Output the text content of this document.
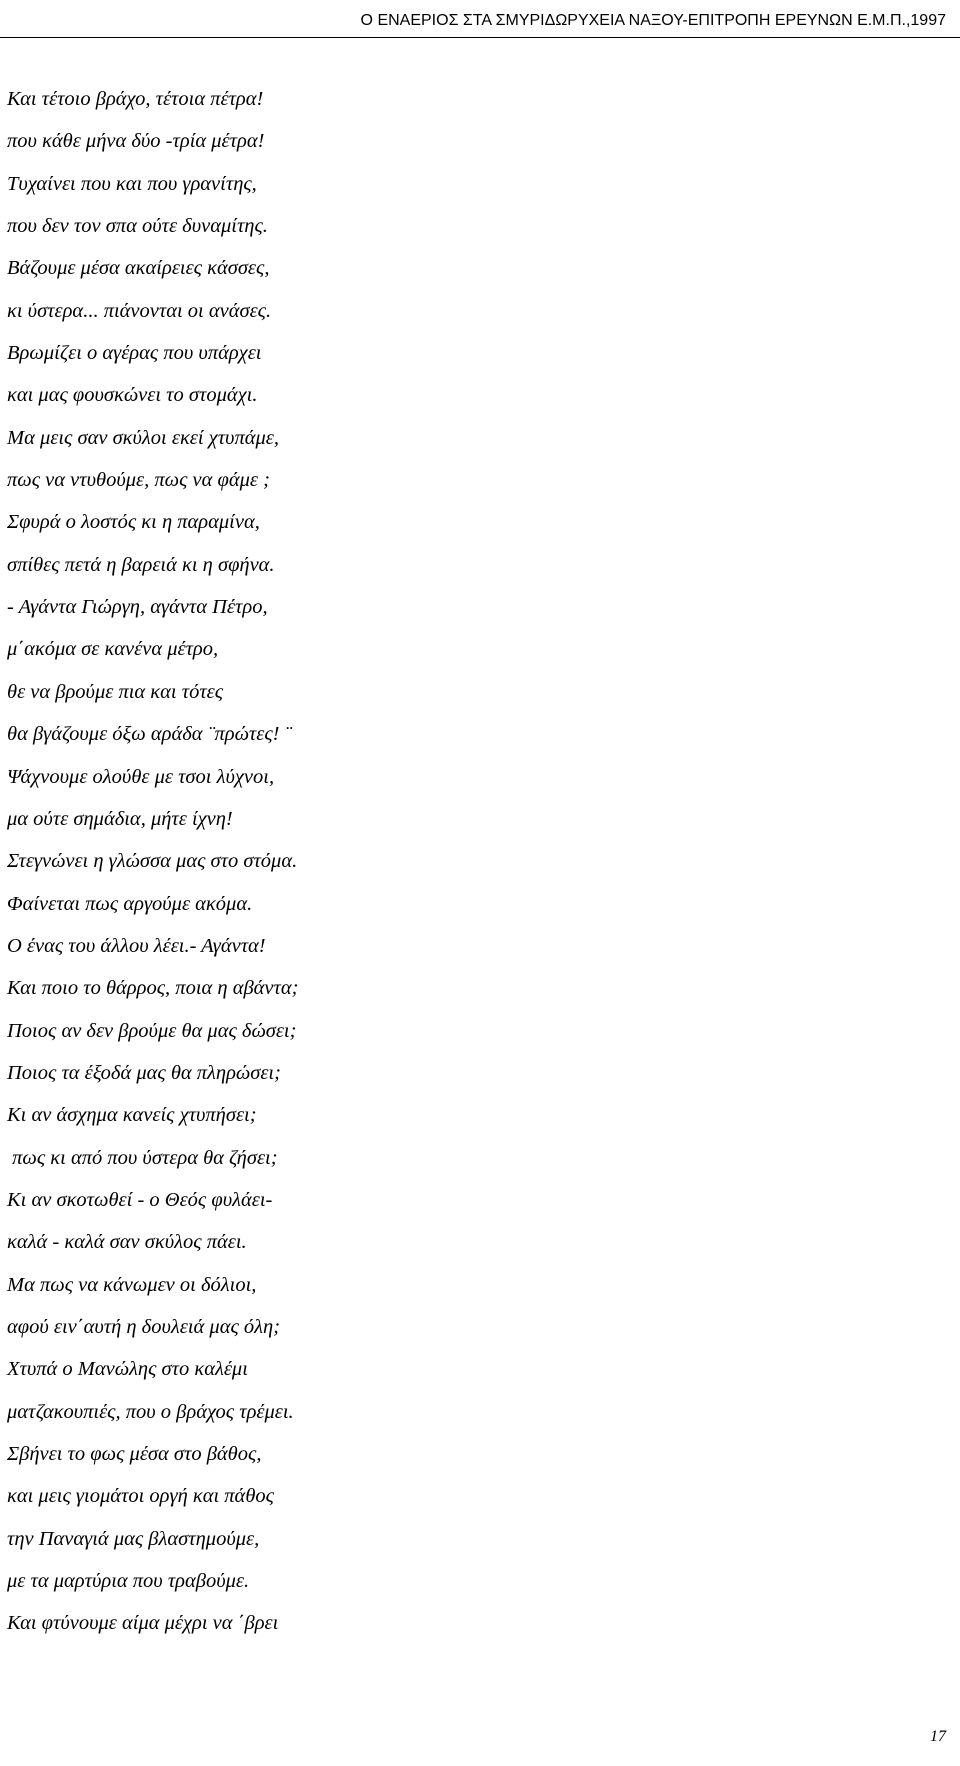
Ο ΕΝΑΕΡΙΟΣ ΣΤΑ ΣΜΥΡΙΔΩΡΥΧΕΙΑ ΝΑΞΟΥ-ΕΠΙΤΡΟΠΗ ΕΡΕΥΝΩΝ Ε.Μ.Π.,1997
Και τέτοιο βράχο, τέτοια πέτρα!
που κάθε μήνα δύο -τρία μέτρα!
Τυχαίνει που και που γρανίτης,
που δεν τον σπα ούτε δυναμίτης.
Βάζουμε μέσα ακαίρειες κάσσες,
κι ύστερα... πιάνονται οι ανάσες.
Βρωμίζει ο αγέρας που υπάρχει
και μας φουσκώνει το στομάχι.
Μα μεις σαν σκύλοι εκεί χτυπάμε,
πως να ντυθούμε, πως να φάμε ;
Σφυρά ο λοστός κι η παραμίνα,
σπίθες πετά η βαρειά κι η σφήνα.
- Αγάντα Γιώργη, αγάντα Πέτρο,
μ΄ακόμα σε κανένα μέτρο,
θε να βρούμε πια και τότες
θα βγάζουμε όξω αράδα ¨πρώτες! ¨
Ψάχνουμε ολούθε με τσοι λύχνοι,
μα ούτε σημάδια, μήτε ίχνη!
Στεγνώνει η γλώσσα μας στο στόμα.
Φαίνεται πως αργούμε ακόμα.
Ο ένας του άλλου λέει.- Αγάντα!
Και ποιο το θάρρος, ποια η αβάντα;
Ποιος αν δεν βρούμε θα μας δώσει;
Ποιος τα έξοδά μας θα πληρώσει;
Κι αν άσχημα κανείς χτυπήσει;
πως κι από που ύστερα θα ζήσει;
Κι αν σκοτωθεί - ο Θεός φυλάει-
καλά - καλά σαν σκύλος πάει.
Μα πως να κάνωμεν οι δόλιοι,
αφού ειν΄αυτή η δουλειά μας όλη;
Χτυπά ο Μανώλης στο καλέμι
ματζακουπιές, που ο βράχος τρέμει.
Σβήνει το φως μέσα στο βάθος,
και μεις γιομάτοι οργή και πάθος
την Παναγιά μας βλαστημούμε,
με τα μαρτύρια που τραβούμε.
Και φτύνουμε αίμα μέχρι να ΄βρει
17
